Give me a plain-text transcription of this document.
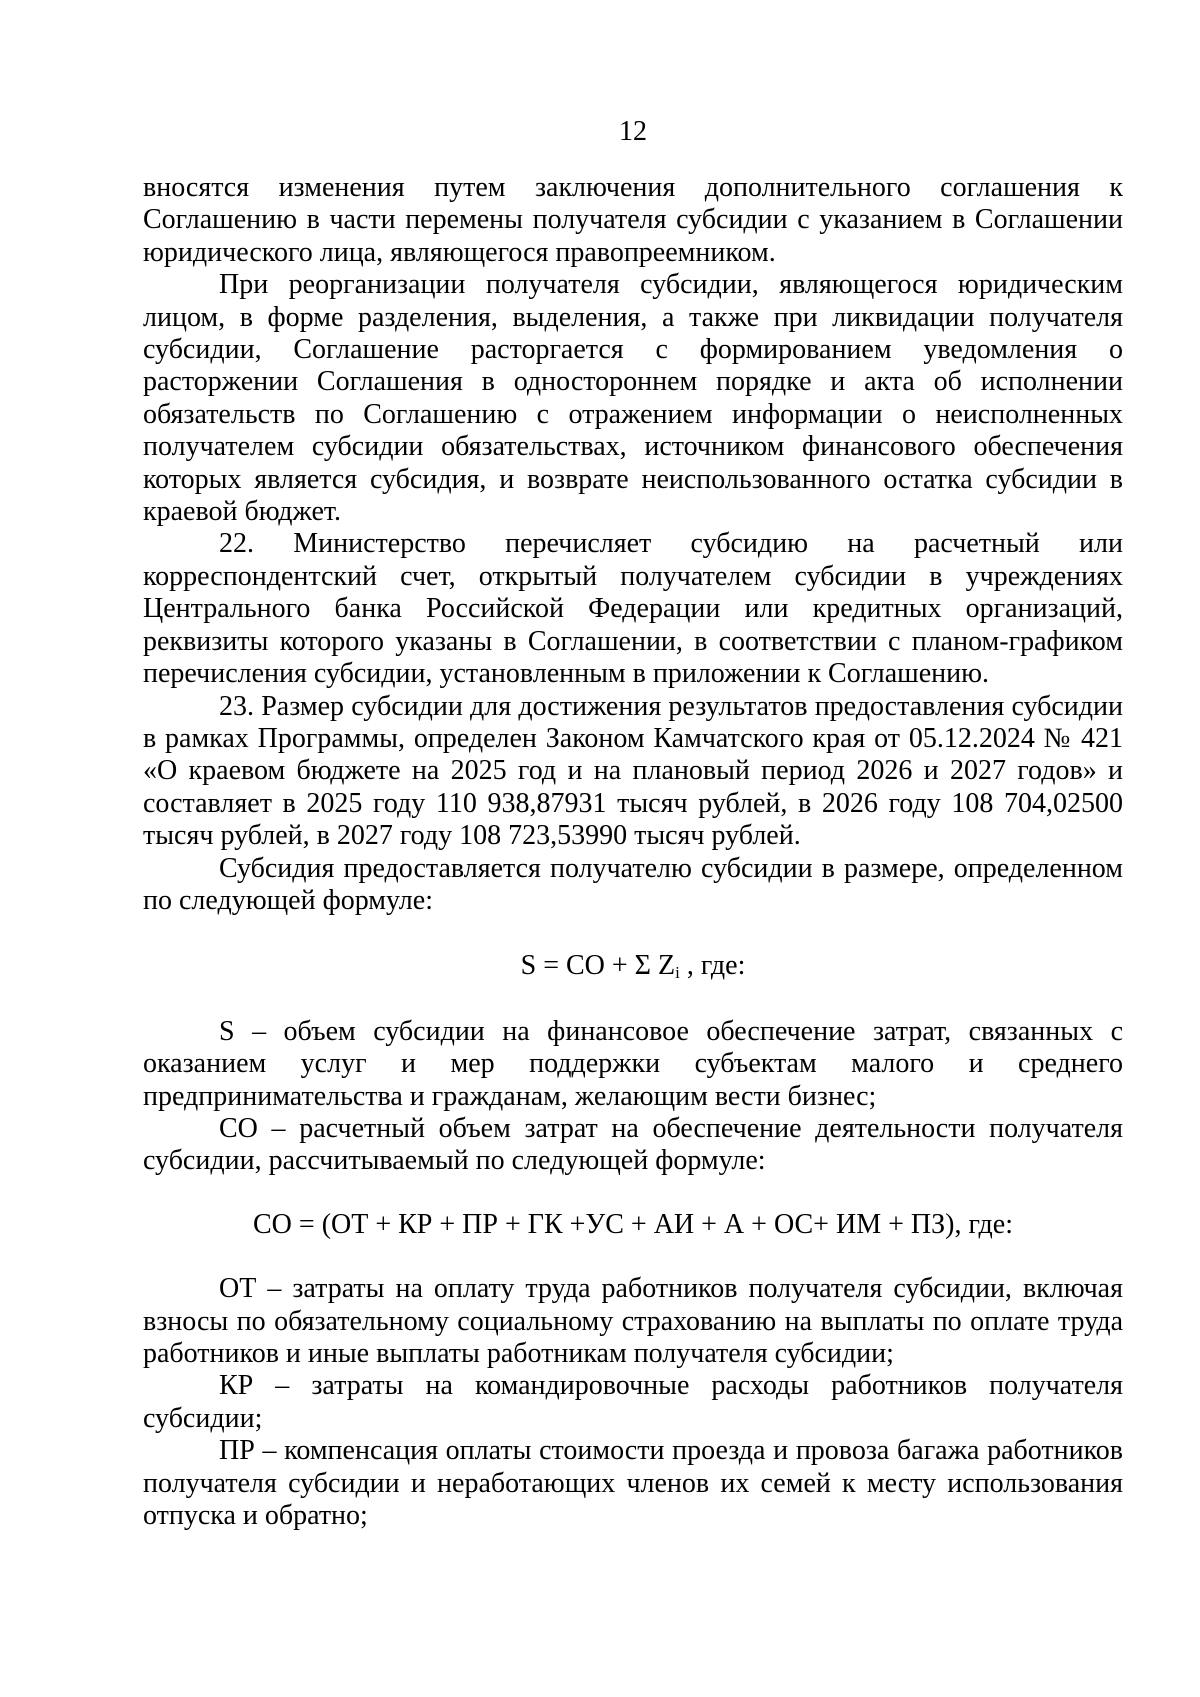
12

вносятся изменения путем заключения дополнительного соглашения к Соглашению в части перемены получателя субсидии с указанием в Соглашении юридического лица, являющегося правопреемником.

При реорганизации получателя субсидии, являющегося юридическим лицом, в форме разделения, выделения, а также при ликвидации получателя субсидии, Соглашение расторгается с формированием уведомления о расторжении Соглашения в одностороннем порядке и акта об исполнении обязательств по Соглашению с отражением информации о неисполненных получателем субсидии обязательствах, источником финансового обеспечения которых является субсидия, и возврате неиспользованного остатка субсидии в краевой бюджет.

22. Министерство перечисляет субсидию на расчетный или корреспондентский счет, открытый получателем субсидии в учреждениях Центрального банка Российской Федерации или кредитных организаций, реквизиты которого указаны в Соглашении, в соответствии с планом-графиком перечисления субсидии, установленным в приложении к Соглашению.

23. Размер субсидии для достижения результатов предоставления субсидии в рамках Программы, определен Законом Камчатского края от 05.12.2024 № 421 «О краевом бюджете на 2025 год и на плановый период 2026 и 2027 годов» и составляет в 2025 году 110 938,87931 тысяч рублей, в 2026 году 108 704,02500 тысяч рублей, в 2027 году 108 723,53990 тысяч рублей.

Субсидия предоставляется получателю субсидии в размере, определенном по следующей формуле:

S = СО + Σ $Z_i$ , где:

S – объем субсидии на финансовое обеспечение затрат, связанных с оказанием услуг и мер поддержки субъектам малого и среднего предпринимательства и гражданам, желающим вести бизнес;

СО – расчетный объем затрат на обеспечение деятельности получателя субсидии, рассчитываемый по следующей формуле:

СО = (ОТ + КР + ПР + ГК +УС + АИ + А + ОС+ ИМ + ПЗ), где:

ОТ – затраты на оплату труда работников получателя субсидии, включая взносы по обязательному социальному страхованию на выплаты по оплате труда работников и иные выплаты работникам получателя субсидии;

КР – затраты на командировочные расходы работников получателя субсидии;

ПР – компенсация оплаты стоимости проезда и провоза багажа работников получателя субсидии и неработающих членов их семей к месту использования отпуска и обратно;
